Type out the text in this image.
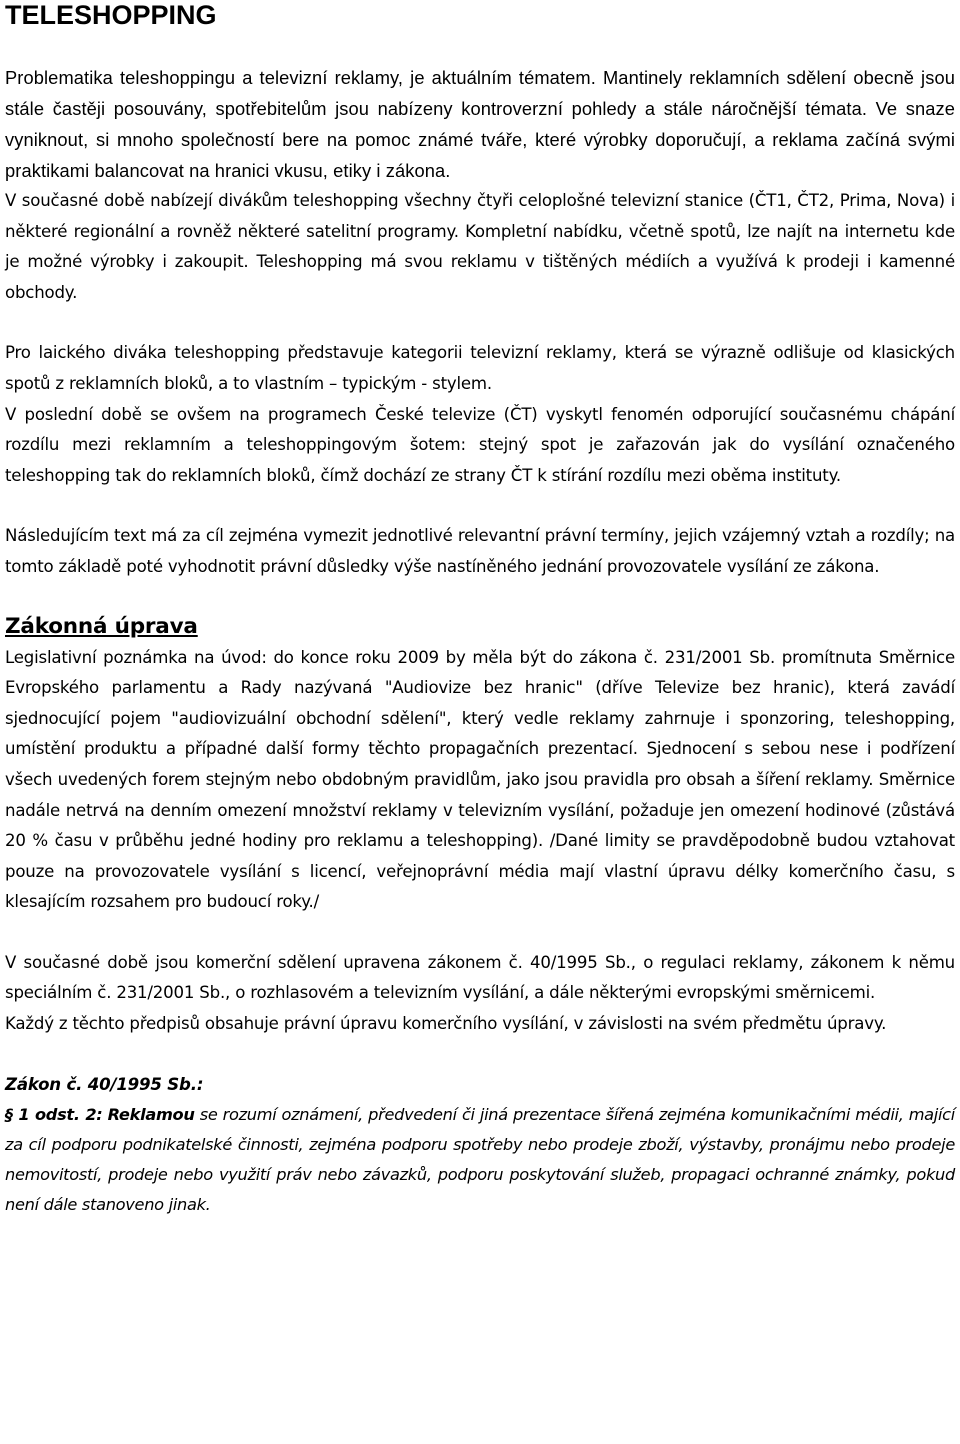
TELESHOPPING

Problematika teleshoppingu a televizní reklamy, je aktuálním tématem. Mantinely reklamních sdělení obecně jsou stále častěji posouvány, spotřebitelům jsou nabízeny kontroverzní pohledy a stále náročnější témata. Ve snaze vyniknout, si mnoho společností bere na pomoc známé tváře, které výrobky doporučují, a reklama začíná svými praktikami balancovat na hranici vkusu, etiky i zákona.

V současné době nabízejí divákům teleshopping všechny čtyři celoplošné televizní stanice (ČT1, ČT2, Prima, Nova) i některé regionální a rovněž některé satelitní programy. Kompletní nabídku, včetně spotů, lze najít na internetu kde je možné výrobky i zakoupit. Teleshopping má svou reklamu v tištěných médiích a využívá k prodeji i kamenné obchody.

Pro laického diváka teleshopping představuje kategorii televizní reklamy, která se výrazně odlišuje od klasických spotů z reklamních bloků, a to vlastním – typickým - stylem.

V poslední době se ovšem na programech České televize (ČT) vyskytl fenomén odporující současnému chápání rozdílu mezi reklamním a teleshoppingovým šotem: stejný spot je zařazován jak do vysílání označeného teleshopping tak do reklamních bloků, čímž dochází ze strany ČT k stírání rozdílu mezi oběma instituty.

Následujícím text má za cíl zejména vymezit jednotlivé relevantní právní termíny, jejich vzájemný vztah a rozdíly; na tomto základě poté vyhodnotit právní důsledky výše nastíněného jednání provozovatele vysílání ze zákona.

Zákonná úprava

Legislativní poznámka na úvod: do konce roku 2009 by měla být do zákona č. 231/2001 Sb. promítnuta Směrnice Evropského parlamentu a Rady nazývaná "Audiovize bez hranic" (dříve Televize bez hranic), která zavádí sjednocující pojem "audiovizuální obchodní sdělení", který vedle reklamy zahrnuje i sponzoring, teleshopping, umístění produktu a případné další formy těchto propagačních prezentací. Sjednocení s sebou nese i podřízení všech uvedených forem stejným nebo obdobným pravidlům, jako jsou pravidla pro obsah a šíření reklamy. Směrnice nadále netrvá na denním omezení množství reklamy v televizním vysílání, požaduje jen omezení hodinové (zůstává 20 % času v průběhu jedné hodiny pro reklamu a teleshopping). /Dané limity se pravděpodobně budou vztahovat pouze na provozovatele vysílání s licencí, veřejnoprávní média mají vlastní úpravu délky komerčního času, s klesajícím rozsahem pro budoucí roky./

V současné době jsou komerční sdělení upravena zákonem č. 40/1995 Sb., o regulaci reklamy, zákonem k němu speciálním č. 231/2001 Sb., o rozhlasovém a televizním vysílání, a dále některými evropskými směrnicemi.

Každý z těchto předpisů obsahuje právní úpravu komerčního vysílání, v závislosti na svém předmětu úpravy.

Zákon č. 40/1995 Sb.:

§ 1 odst. 2: Reklamou se rozumí oznámení, předvedení či jiná prezentace šířená zejména komunikačními médii, mající za cíl podporu podnikatelské činnosti, zejména podporu spotřeby nebo prodeje zboží, výstavby, pronájmu nebo prodeje nemovitostí, prodeje nebo využití práv nebo závazků, podporu poskytování služeb, propagaci ochranné známky, pokud není dále stanoveno jinak.
